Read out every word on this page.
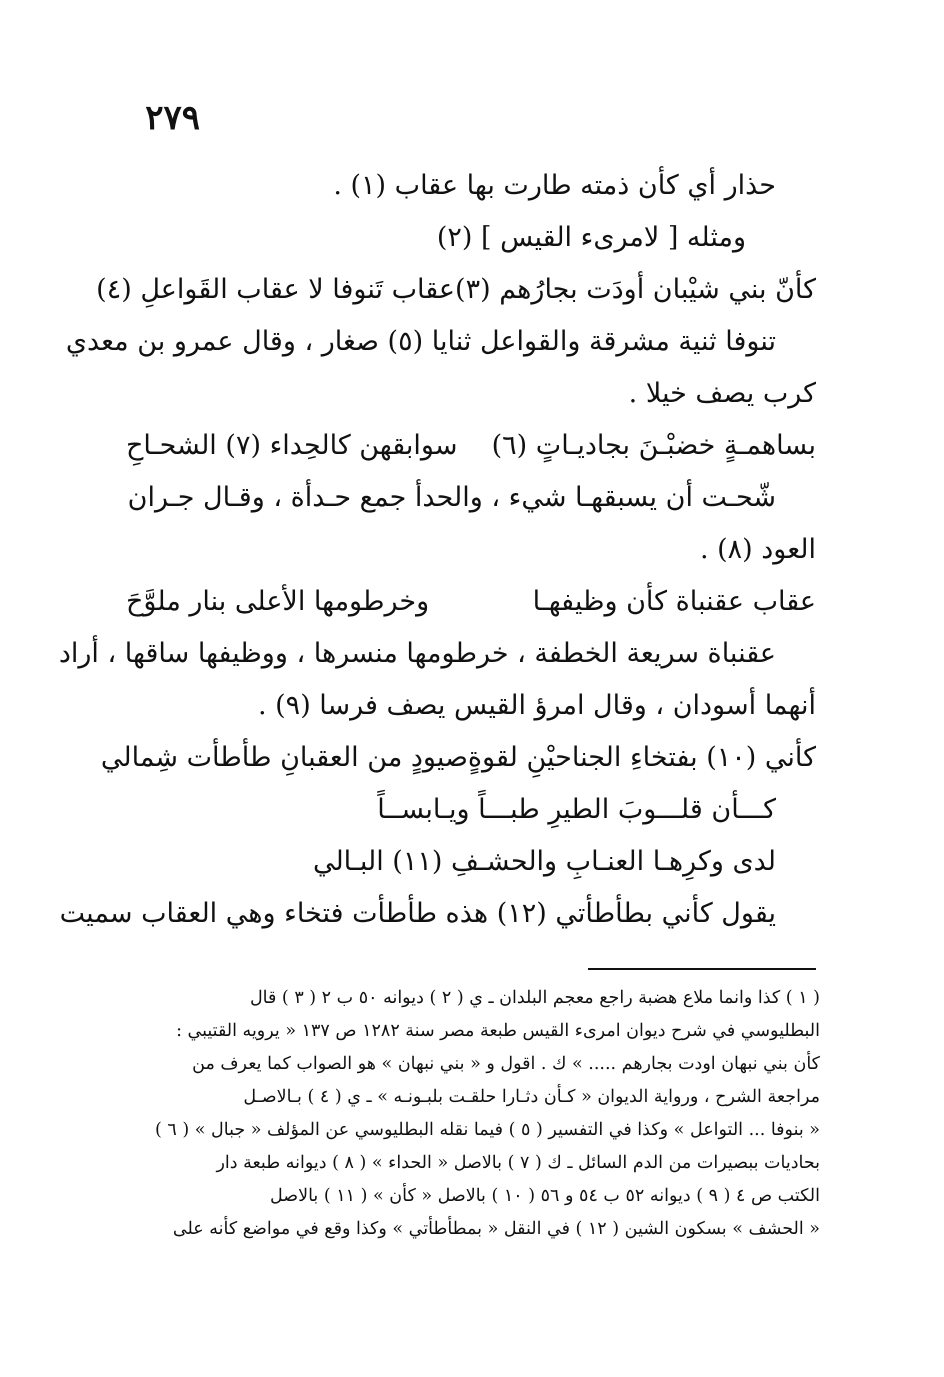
٢٧٩
حذار أي كأن ذمته طارت بها عقاب (١) .
ومثله [ لامرىء القيس ] (٢)
كأنّ بني شيْبان أودَت بجارُهم (٣)
عقاب تَنوفا لا عقاب القَواعلِ (٤)
تنوفا ثنية مشرقة والقواعل ثنايا (٥) صغار ، وقال عمرو بن معدي
كرب يصف خيلا .
بساهمـةٍ خضبْـنَ بجاديـاتٍ (٦)
سوابقهن كالحِداء (٧) الشحـاحِ
شّحـت أن يسبقهـا شيء ، والحدأ جمع حـدأة ، وقـال جـران
العود (٨) .
عقاب عقنباة كأن وظيفهـا
وخرطومها الأعلى بنار ملوَّحَ
عقنباة سريعة الخطفة ، خرطومها منسرها ، ووظيفها ساقها ، أراد
أنهما أسودان ، وقال امرؤ القيس يصف فرسا (٩) .
كأني (١٠) بفتخاءِ الجناحيْنِ لقوةٍ
صيودٍ من العقبانِ طأطأت شِمالي
كـــأن قلـــوبَ الطيرِ طبـــاً ويـابســاً
لدى وكرِهـا العنـابِ والحشـفِ (١١) البـالي
يقول كأني بطأطأتي (١٢) هذه طأطأت فتخاء وهي العقاب سميت
( ١ ) كذا وانما ملاع هضبة راجع معجم البلدان ـ ي ( ٢ ) ديوانه ٥٠ ب ٢ ( ٣ ) قال
البطليوسي في شرح ديوان امرىء القيس طبعة مصر سنة ١٢٨٢ ص ١٣٧ « يرويه القتيبي :
كأن بني نبهان اودت بجارهم ..... » ك . اقول و « بني نبهان » هو الصواب كما يعرف من
مراجعة الشرح ، ورواية الديوان « كـأن دثـارا حلقـت بلبـونـه » ـ ي ( ٤ ) بـالاصـل
« بنوفا ... التواعل » وكذا في التفسير ( ٥ ) فيما نقله البطليوسي عن المؤلف « جبال » ( ٦ )
بحاديات ببصيرات من الدم السائل ـ ك ( ٧ ) بالاصل « الحداء » ( ٨ ) ديوانه طبعة دار
الكتب ص ٤ ( ٩ ) ديوانه ٥٢ ب ٥٤ و ٥٦ ( ١٠ ) بالاصل « كأن » ( ١١ ) بالاصل
« الحشف » بسكون الشين ( ١٢ ) في النقل « بمطأطأتي » وكذا وقع في مواضع كأنه على
